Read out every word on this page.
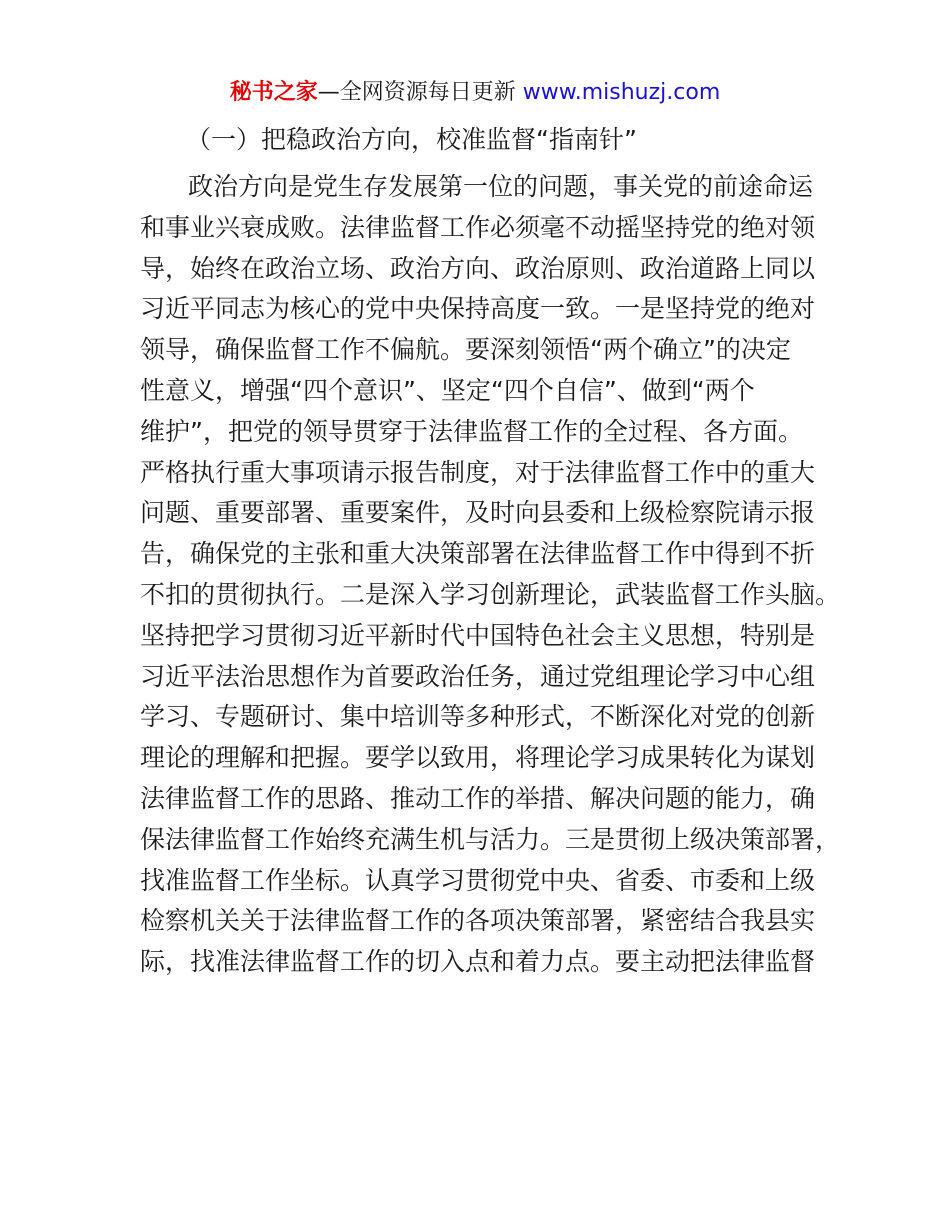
秘书之家—全网资源每日更新 www.mishuzj.com
（一）把稳政治方向，校准监督“指南针”
政治方向是党生存发展第一位的问题，事关党的前途命运
和事业兴衰成败。法律监督工作必须毫不动摇坚持党的绝对领
导，始终在政治立场、政治方向、政治原则、政治道路上同以
习近平同志为核心的党中央保持高度一致。一是坚持党的绝对
领导，确保监督工作不偏航。要深刻领悟“两个确立”的决定
性意义，增强“四个意识”、坚定“四个自信”、做到“两个
维护”，把党的领导贯穿于法律监督工作的全过程、各方面。
严格执行重大事项请示报告制度，对于法律监督工作中的重大
问题、重要部署、重要案件，及时向县委和上级检察院请示报
告，确保党的主张和重大决策部署在法律监督工作中得到不折
不扣的贯彻执行。二是深入学习创新理论，武装监督工作头脑。
坚持把学习贯彻习近平新时代中国特色社会主义思想，特别是
习近平法治思想作为首要政治任务，通过党组理论学习中心组
学习、专题研讨、集中培训等多种形式，不断深化对党的创新
理论的理解和把握。要学以致用，将理论学习成果转化为谋划
法律监督工作的思路、推动工作的举措、解决问题的能力，确
保法律监督工作始终充满生机与活力。三是贯彻上级决策部署，
找准监督工作坐标。认真学习贯彻党中央、省委、市委和上级
检察机关关于法律监督工作的各项决策部署，紧密结合我县实
际，找准法律监督工作的切入点和着力点。要主动把法律监督
